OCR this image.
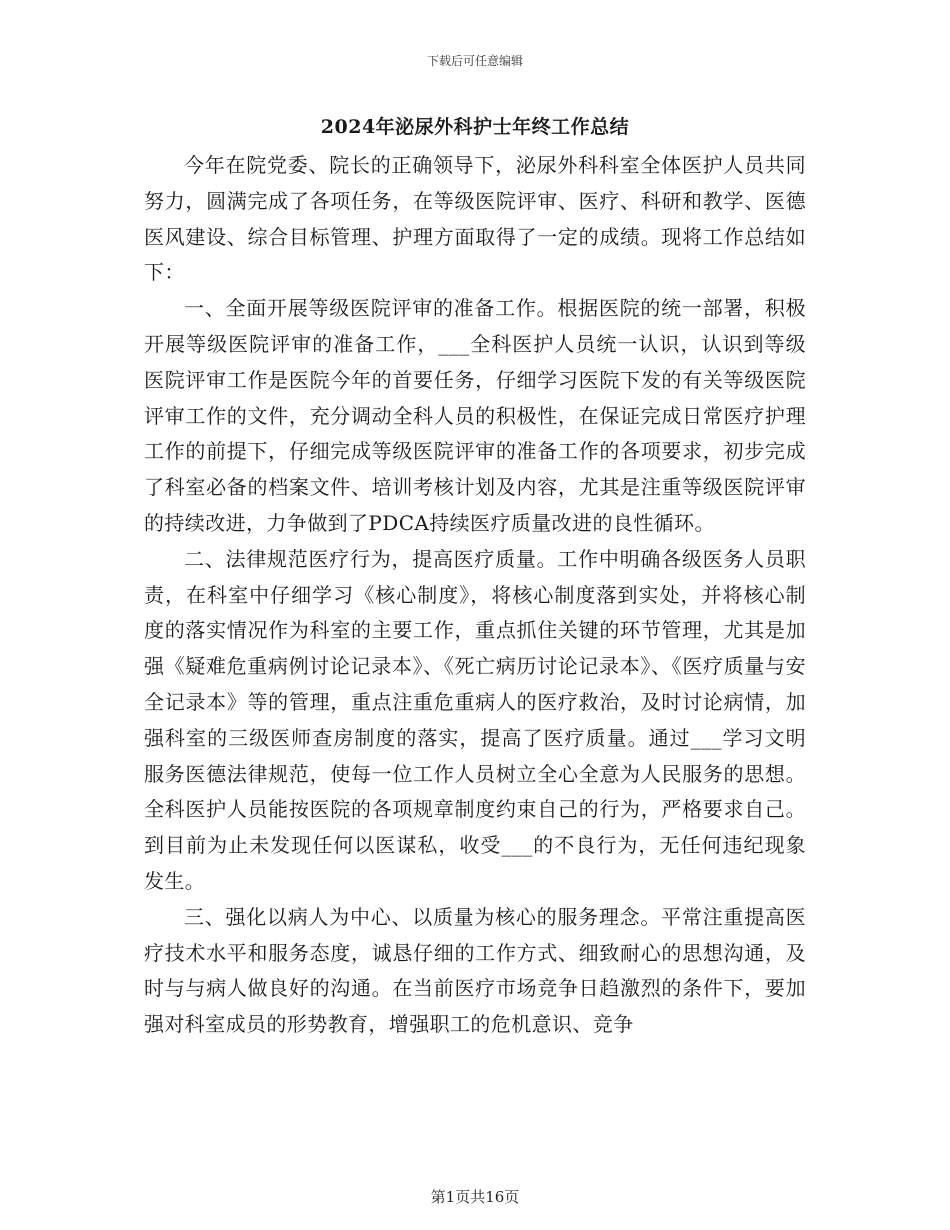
下载后可任意编辑
2024年泌尿外科护士年终工作总结

今年在院党委、院长的正确领导下，泌尿外科科室全体医护人员共同努力，圆满完成了各项任务，在等级医院评审、医疗、科研和教学、医德医风建设、综合目标管理、护理方面取得了一定的成绩。现将工作总结如下：

一、全面开展等级医院评审的准备工作。根据医院的统一部署，积极开展等级医院评审的准备工作，___全科医护人员统一认识，认识到等级医院评审工作是医院今年的首要任务，仔细学习医院下发的有关等级医院评审工作的文件，充分调动全科人员的积极性，在保证完成日常医疗护理工作的前提下，仔细完成等级医院评审的准备工作的各项要求，初步完成了科室必备的档案文件、培训考核计划及内容，尤其是注重等级医院评审的持续改进，力争做到了PDCA持续医疗质量改进的良性循环。

二、法律规范医疗行为，提高医疗质量。工作中明确各级医务人员职责，在科室中仔细学习《核心制度》，将核心制度落到实处，并将核心制度的落实情况作为科室的主要工作，重点抓住关键的环节管理，尤其是加强《疑难危重病例讨论记录本》、《死亡病历讨论记录本》、《医疗质量与安全记录本》等的管理，重点注重危重病人的医疗救治，及时讨论病情，加强科室的三级医师查房制度的落实，提高了医疗质量。通过___学习文明服务医德法律规范，使每一位工作人员树立全心全意为人民服务的思想。全科医护人员能按医院的各项规章制度约束自己的行为，严格要求自己。到目前为止未发现任何以医谋私，收受___的不良行为，无任何违纪现象发生。

三、强化以病人为中心、以质量为核心的服务理念。平常注重提高医疗技术水平和服务态度，诚恳仔细的工作方式、细致耐心的思想沟通，及时与与病人做良好的沟通。在当前医疗市场竞争日趋激烈的条件下，要加强对科室成员的形势教育，增强职工的危机意识、竞争

第1页共16页
